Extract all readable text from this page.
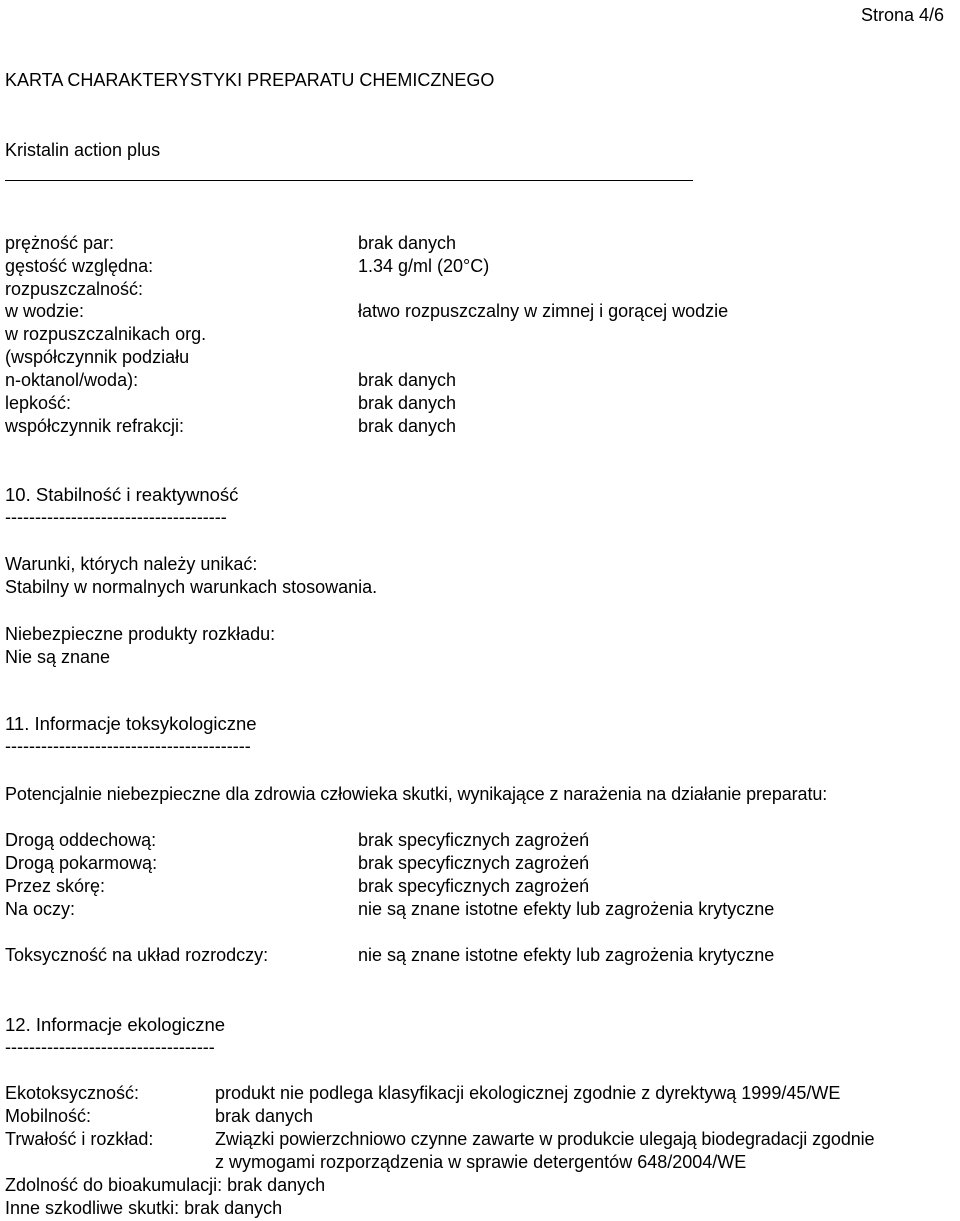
Strona 4/6
KARTA CHARAKTERYSTYKI PREPARATU CHEMICZNEGO
Kristalin action plus
prężność par:	brak danych
gęstość względna:	1.34 g/ml (20°C)
rozpuszczalność:
w wodzie:	łatwo rozpuszczalny w zimnej i gorącej wodzie
w rozpuszczalnikach org.
(współczynnik podziału
n-oktanol/woda):	brak danych
lepkość:	brak danych
współczynnik refrakcji:	brak danych
10. Stabilność i reaktywność
-------------------------------------
Warunki, których należy unikać:
Stabilny w normalnych warunkach stosowania.
Niebezpieczne produkty rozkładu:
Nie są znane
11. Informacje toksykologiczne
-----------------------------------------
Potencjalnie niebezpieczne dla zdrowia człowieka skutki, wynikające z narażenia na działanie preparatu:
Drogą oddechową:	brak specyficznych zagrożeń
Drogą pokarmową:	brak specyficznych zagrożeń
Przez skórę:	brak specyficznych zagrożeń
Na oczy:	nie są znane istotne efekty lub zagrożenia krytyczne
Toksyczność na układ rozrodczy:	nie są znane istotne efekty lub zagrożenia krytyczne
12. Informacje ekologiczne
-----------------------------------
Ekotoksyczność:	produkt nie podlega klasyfikacji ekologicznej zgodnie z dyrektywą 1999/45/WE
Mobilność:	brak danych
Trwałość i rozkład:	Związki powierzchniowo czynne zawarte w produkcie ulegają biodegradacji zgodnie
z wymogami rozporządzenia w sprawie detergentów 648/2004/WE
Zdolność do bioakumulacji: brak danych
Inne szkodliwe skutki: brak danych
